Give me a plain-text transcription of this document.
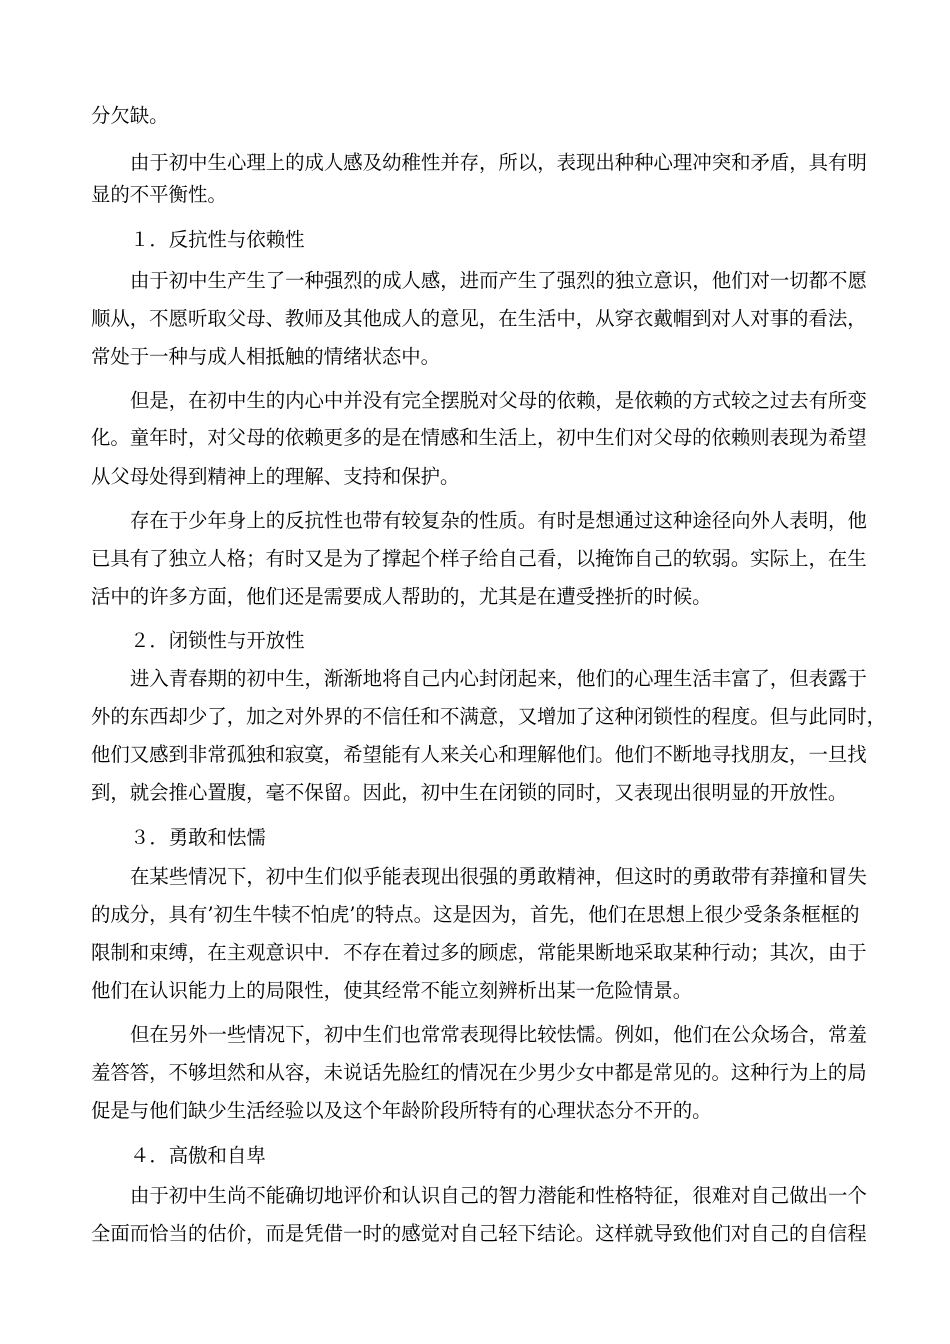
分欠缺。

由于初中生心理上的成人感及幼稚性并存，所以，表现出种种心理冲突和矛盾，具有明

显的不平衡性。

１．反抗性与依赖性

由于初中生产生了一种强烈的成人感，进而产生了强烈的独立意识，他们对一切都不愿

顺从，不愿听取父母、教师及其他成人的意见，在生活中，从穿衣戴帽到对人对事的看法，

常处于一种与成人相抵触的情绪状态中。

但是，在初中生的内心中并没有完全摆脱对父母的依赖，是依赖的方式较之过去有所变

化。童年时，对父母的依赖更多的是在情感和生活上，初中生们对父母的依赖则表现为希望

从父母处得到精神上的理解、支持和保护。

存在于少年身上的反抗性也带有较复杂的性质。有时是想通过这种途径向外人表明，他

已具有了独立人格；有时又是为了撑起个样子给自己看，以掩饰自己的软弱。实际上，在生

活中的许多方面，他们还是需要成人帮助的，尤其是在遭受挫折的时候。

２．闭锁性与开放性

进入青春期的初中生，渐渐地将自己内心封闭起来，他们的心理生活丰富了，但表露于

外的东西却少了，加之对外界的不信任和不满意，又增加了这种闭锁性的程度。但与此同时，

他们又感到非常孤独和寂寞，希望能有人来关心和理解他们。他们不断地寻找朋友，一旦找

到，就会推心置腹，毫不保留。因此，初中生在闭锁的同时，又表现出很明显的开放性。

３．勇敢和怯懦

在某些情况下，初中生们似乎能表现出很强的勇敢精神，但这时的勇敢带有莽撞和冒失

的成分，具有’初生牛犊不怕虎’的特点。这是因为，首先，他们在思想上很少受条条框框的

限制和束缚，在主观意识中．不存在着过多的顾虑，常能果断地采取某种行动；其次，由于

他们在认识能力上的局限性，使其经常不能立刻辨析出某一危险情景。

但在另外一些情况下，初中生们也常常表现得比较怯懦。例如，他们在公众场合，常羞

羞答答，不够坦然和从容，未说话先脸红的情况在少男少女中都是常见的。这种行为上的局

促是与他们缺少生活经验以及这个年龄阶段所特有的心理状态分不开的。

４．高傲和自卑

由于初中生尚不能确切地评价和认识自己的智力潜能和性格特征，很难对自己做出一个

全面而恰当的估价，而是凭借一时的感觉对自己轻下结论。这样就导致他们对自己的自信程
